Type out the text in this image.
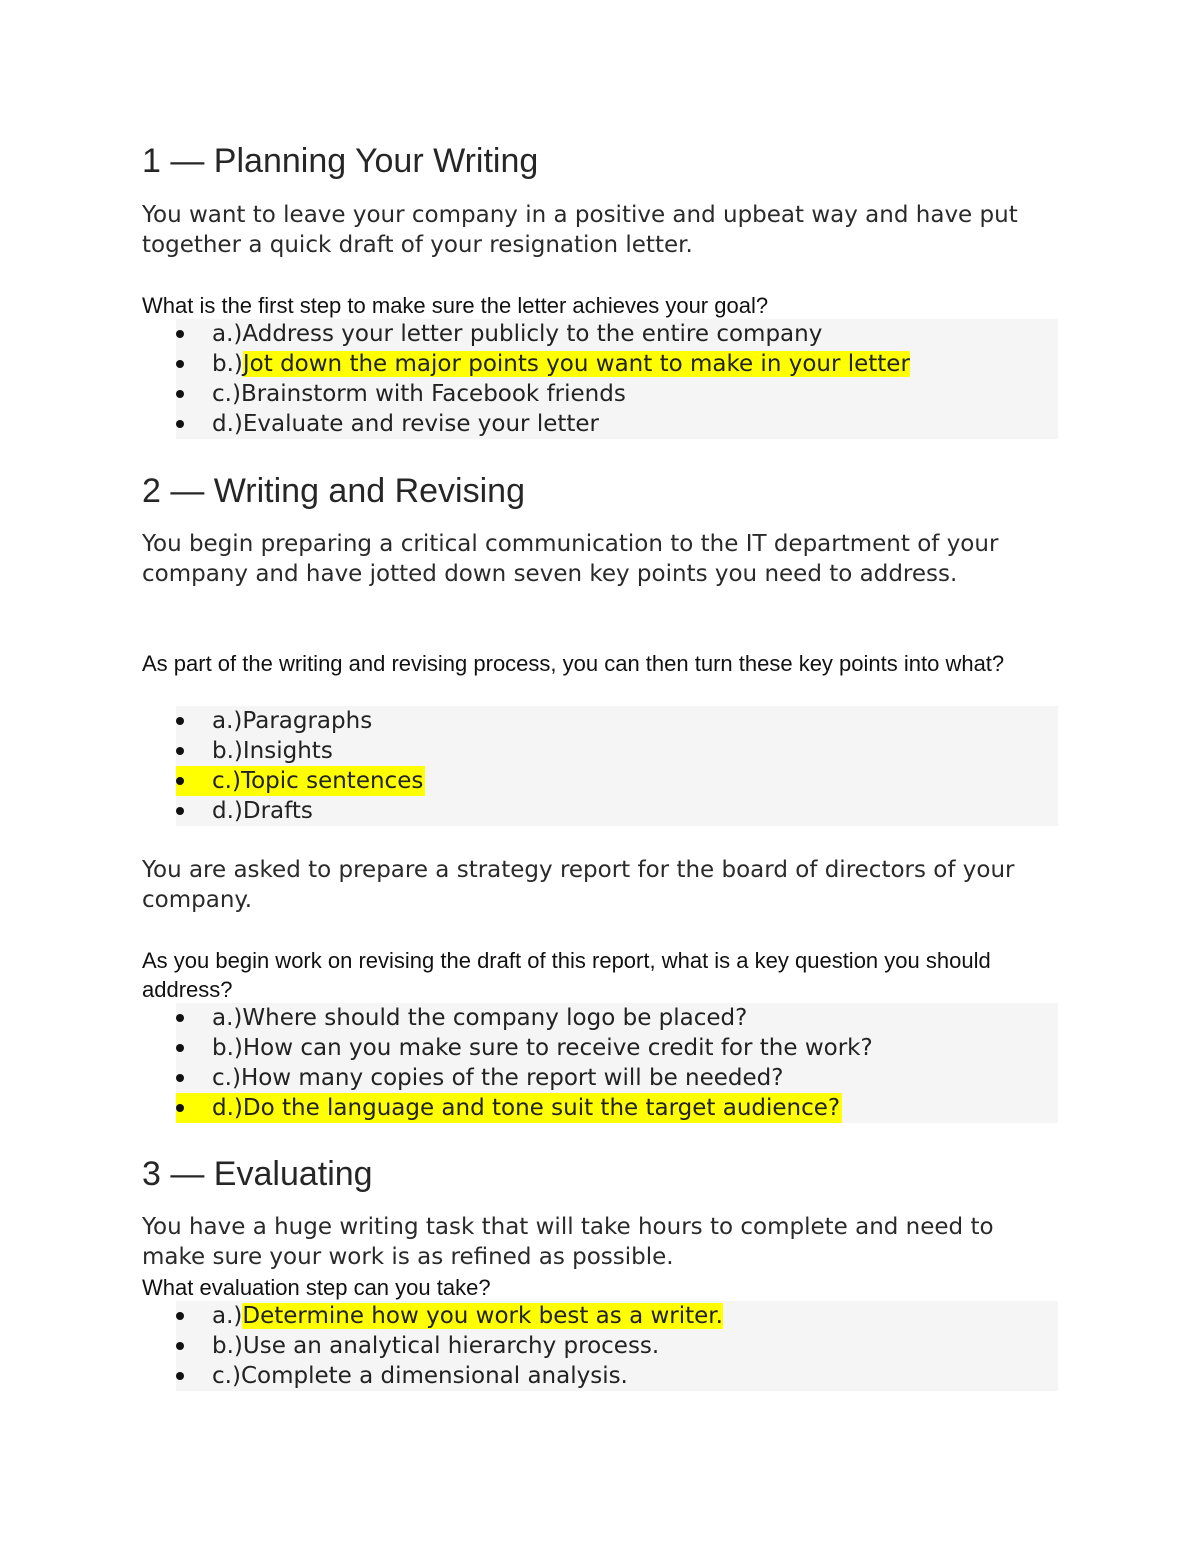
1 — Planning Your Writing

You want to leave your company in a positive and upbeat way and have put together a quick draft of your resignation letter.

What is the first step to make sure the letter achieves your goal?

a.)Address your letter publicly to the entire company
b.)Jot down the major points you want to make in your letter
c.)Brainstorm with Facebook friends
d.)Evaluate and revise your letter
2 — Writing and Revising

You begin preparing a critical communication to the IT department of your company and have jotted down seven key points you need to address.

As part of the writing and revising process, you can then turn these key points into what?

a.)Paragraphs
b.)Insights
c.)Topic sentences
d.)Drafts

You are asked to prepare a strategy report for the board of directors of your company.

As you begin work on revising the draft of this report, what is a key question you should address?

a.)Where should the company logo be placed?
b.)How can you make sure to receive credit for the work?
c.)How many copies of the report will be needed?
d.)Do the language and tone suit the target audience?
3 — Evaluating

You have a huge writing task that will take hours to complete and need to make sure your work is as refined as possible.

What evaluation step can you take?

a.)Determine how you work best as a writer.
b.)Use an analytical hierarchy process.
c.)Complete a dimensional analysis.
